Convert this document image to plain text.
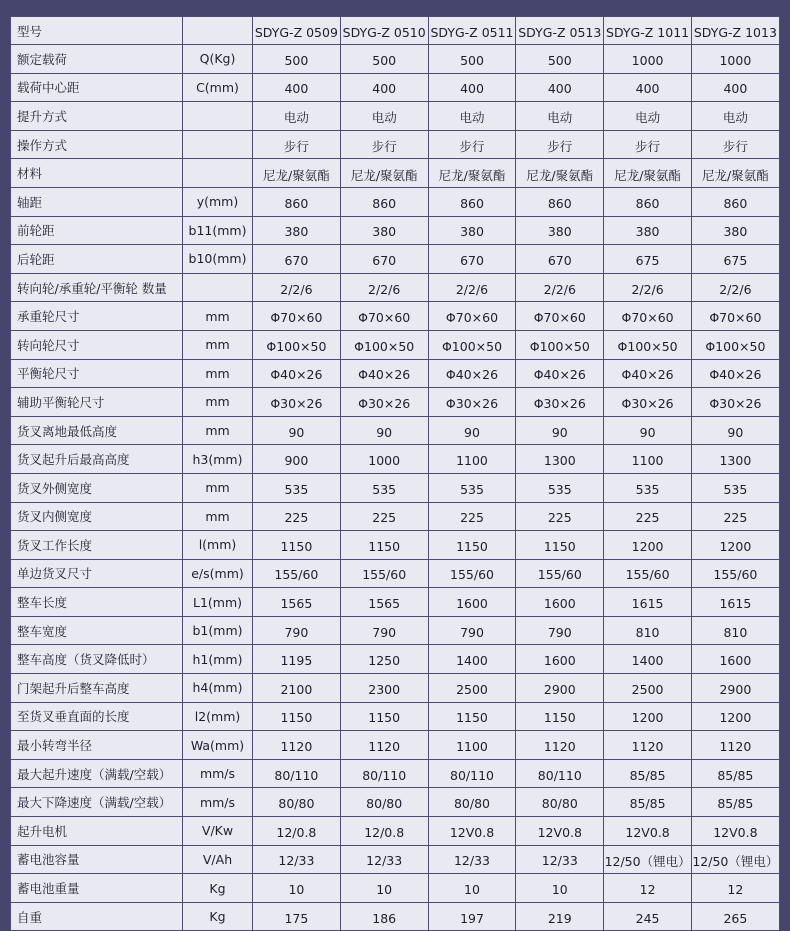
型号		SDYG-Z 0509	SDYG-Z 0510	SDYG-Z 0511	SDYG-Z 0513	SDYG-Z 1011	SDYG-Z 1013
额定载荷	Q(Kg)	500	500	500	500	1000	1000
载荷中心距	C(mm)	400	400	400	400	400	400
提升方式		电动	电动	电动	电动	电动	电动
操作方式		步行	步行	步行	步行	步行	步行
材料		尼龙/聚氨酯	尼龙/聚氨酯	尼龙/聚氨酯	尼龙/聚氨酯	尼龙/聚氨酯	尼龙/聚氨酯
轴距	y(mm)	860	860	860	860	860	860
前轮距	b11(mm)	380	380	380	380	380	380
后轮距	b10(mm)	670	670	670	670	675	675
转向轮/承重轮/平衡轮 数量		2/2/6	2/2/6	2/2/6	2/2/6	2/2/6	2/2/6
承重轮尺寸	mm	Φ70×60	Φ70×60	Φ70×60	Φ70×60	Φ70×60	Φ70×60
转向轮尺寸	mm	Φ100×50	Φ100×50	Φ100×50	Φ100×50	Φ100×50	Φ100×50
平衡轮尺寸	mm	Φ40×26	Φ40×26	Φ40×26	Φ40×26	Φ40×26	Φ40×26
辅助平衡轮尺寸	mm	Φ30×26	Φ30×26	Φ30×26	Φ30×26	Φ30×26	Φ30×26
货叉离地最低高度	mm	90	90	90	90	90	90
货叉起升后最高高度	h3(mm)	900	1000	1100	1300	1100	1300
货叉外侧宽度	mm	535	535	535	535	535	535
货叉内侧宽度	mm	225	225	225	225	225	225
货叉工作长度	l(mm)	1150	1150	1150	1150	1200	1200
单边货叉尺寸	e/s(mm)	155/60	155/60	155/60	155/60	155/60	155/60
整车长度	L1(mm)	1565	1565	1600	1600	1615	1615
整车宽度	b1(mm)	790	790	790	790	810	810
整车高度（货叉降低时）	h1(mm)	1195	1250	1400	1600	1400	1600
门架起升后整车高度	h4(mm)	2100	2300	2500	2900	2500	2900
至货叉垂直面的长度	l2(mm)	1150	1150	1150	1150	1200	1200
最小转弯半径	Wa(mm)	1120	1120	1100	1120	1120	1120
最大起升速度（满载/空载）	mm/s	80/110	80/110	80/110	80/110	85/85	85/85
最大下降速度（满载/空载）	mm/s	80/80	80/80	80/80	80/80	85/85	85/85
起升电机	V/Kw	12/0.8	12/0.8	12V0.8	12V0.8	12V0.8	12V0.8
蓄电池容量	V/Ah	12/33	12/33	12/33	12/33	12/50（锂电）	12/50（锂电）
蓄电池重量	Kg	10	10	10	10	12	12
自重	Kg	175	186	197	219	245	265
